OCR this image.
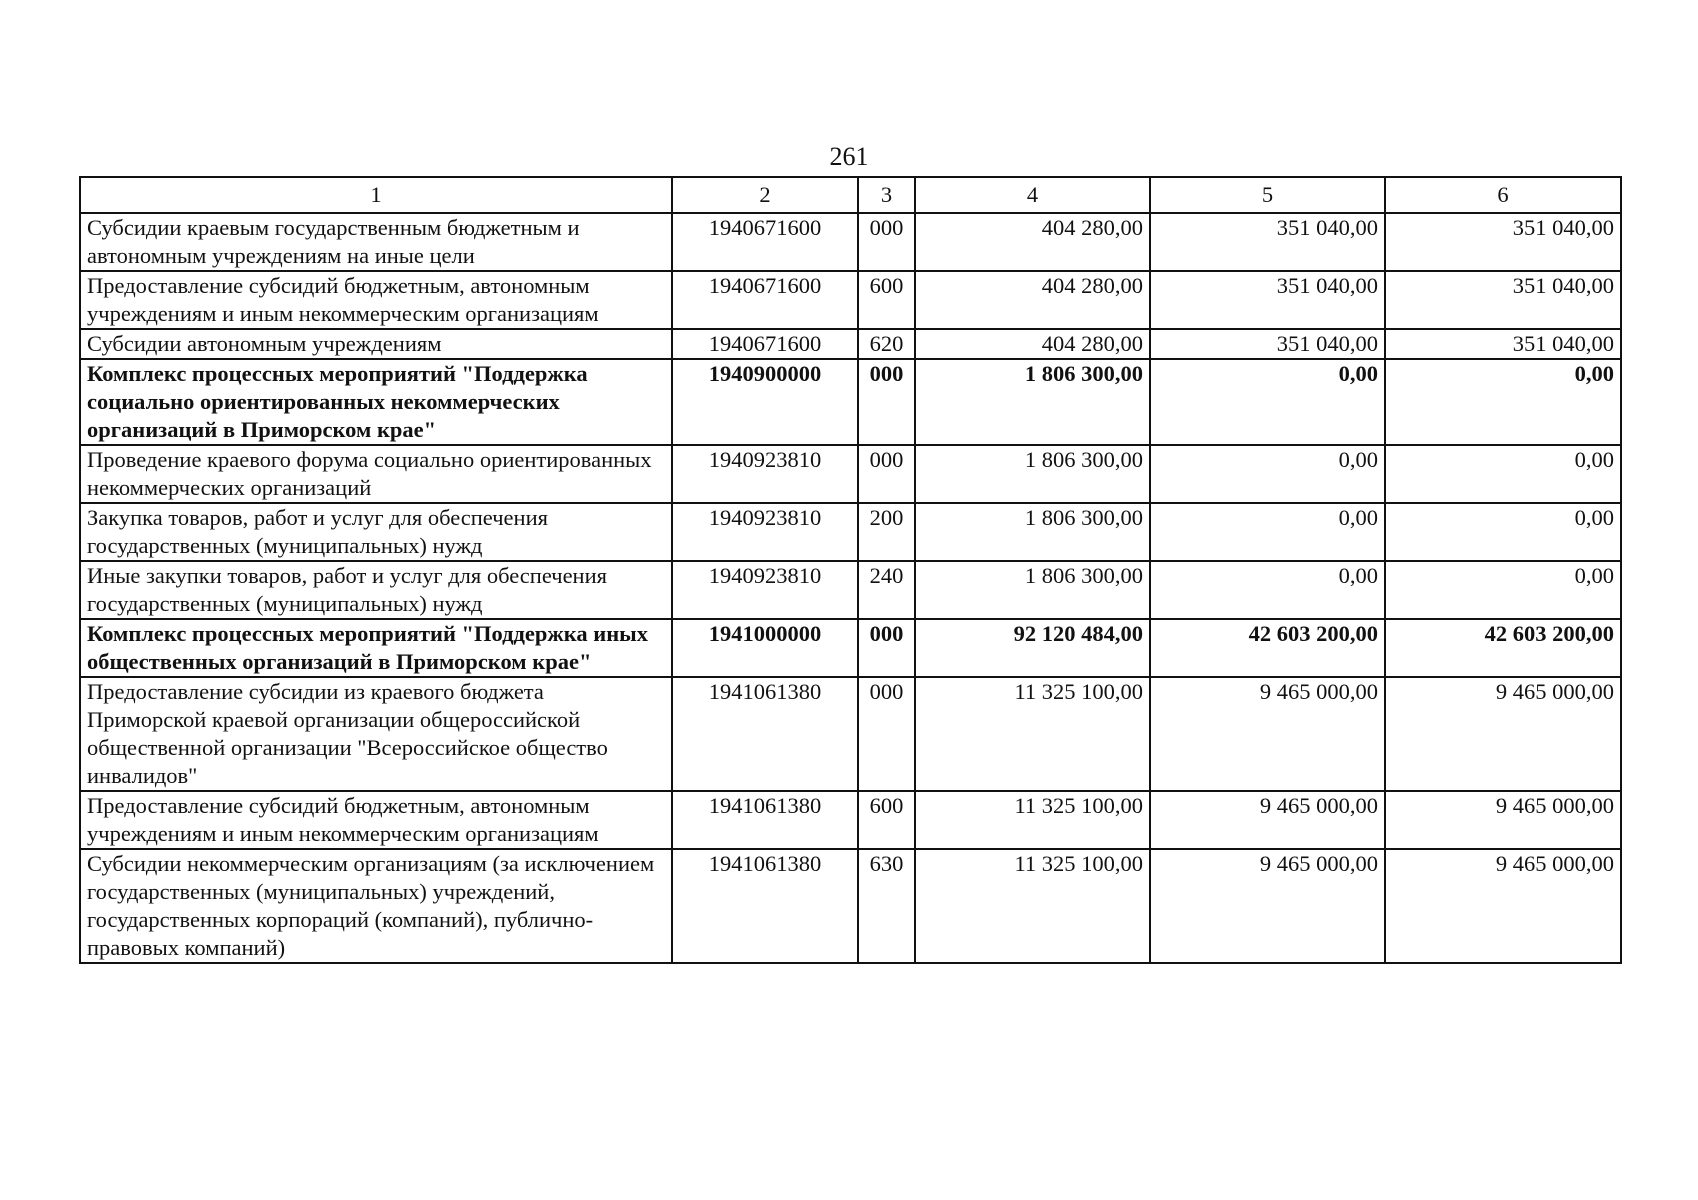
261
1	2	3	4	5	6
Субсидии краевым государственным бюджетным и автономным учреждениям на иные цели	1940671600	000	404 280,00	351 040,00	351 040,00
Предоставление субсидий бюджетным, автономным учреждениям и иным некоммерческим организациям	1940671600	600	404 280,00	351 040,00	351 040,00
Субсидии автономным учреждениям	1940671600	620	404 280,00	351 040,00	351 040,00
Комплекс процессных мероприятий "Поддержка социально ориентированных некоммерческих организаций в Приморском крае"	1940900000	000	1 806 300,00	0,00	0,00
Проведение краевого форума социально ориентированных некоммерческих организаций	1940923810	000	1 806 300,00	0,00	0,00
Закупка товаров, работ и услуг для обеспечения государственных (муниципальных) нужд	1940923810	200	1 806 300,00	0,00	0,00
Иные закупки товаров, работ и услуг для обеспечения государственных (муниципальных) нужд	1940923810	240	1 806 300,00	0,00	0,00
Комплекс процессных мероприятий "Поддержка иных общественных организаций в Приморском крае"	1941000000	000	92 120 484,00	42 603 200,00	42 603 200,00
Предоставление субсидии из краевого бюджета Приморской краевой организации общероссийской общественной организации "Всероссийское общество инвалидов"	1941061380	000	11 325 100,00	9 465 000,00	9 465 000,00
Предоставление субсидий бюджетным, автономным учреждениям и иным некоммерческим организациям	1941061380	600	11 325 100,00	9 465 000,00	9 465 000,00
Субсидии некоммерческим организациям (за исключением государственных (муниципальных) учреждений, государственных корпораций (компаний), публично-правовых компаний)	1941061380	630	11 325 100,00	9 465 000,00	9 465 000,00
